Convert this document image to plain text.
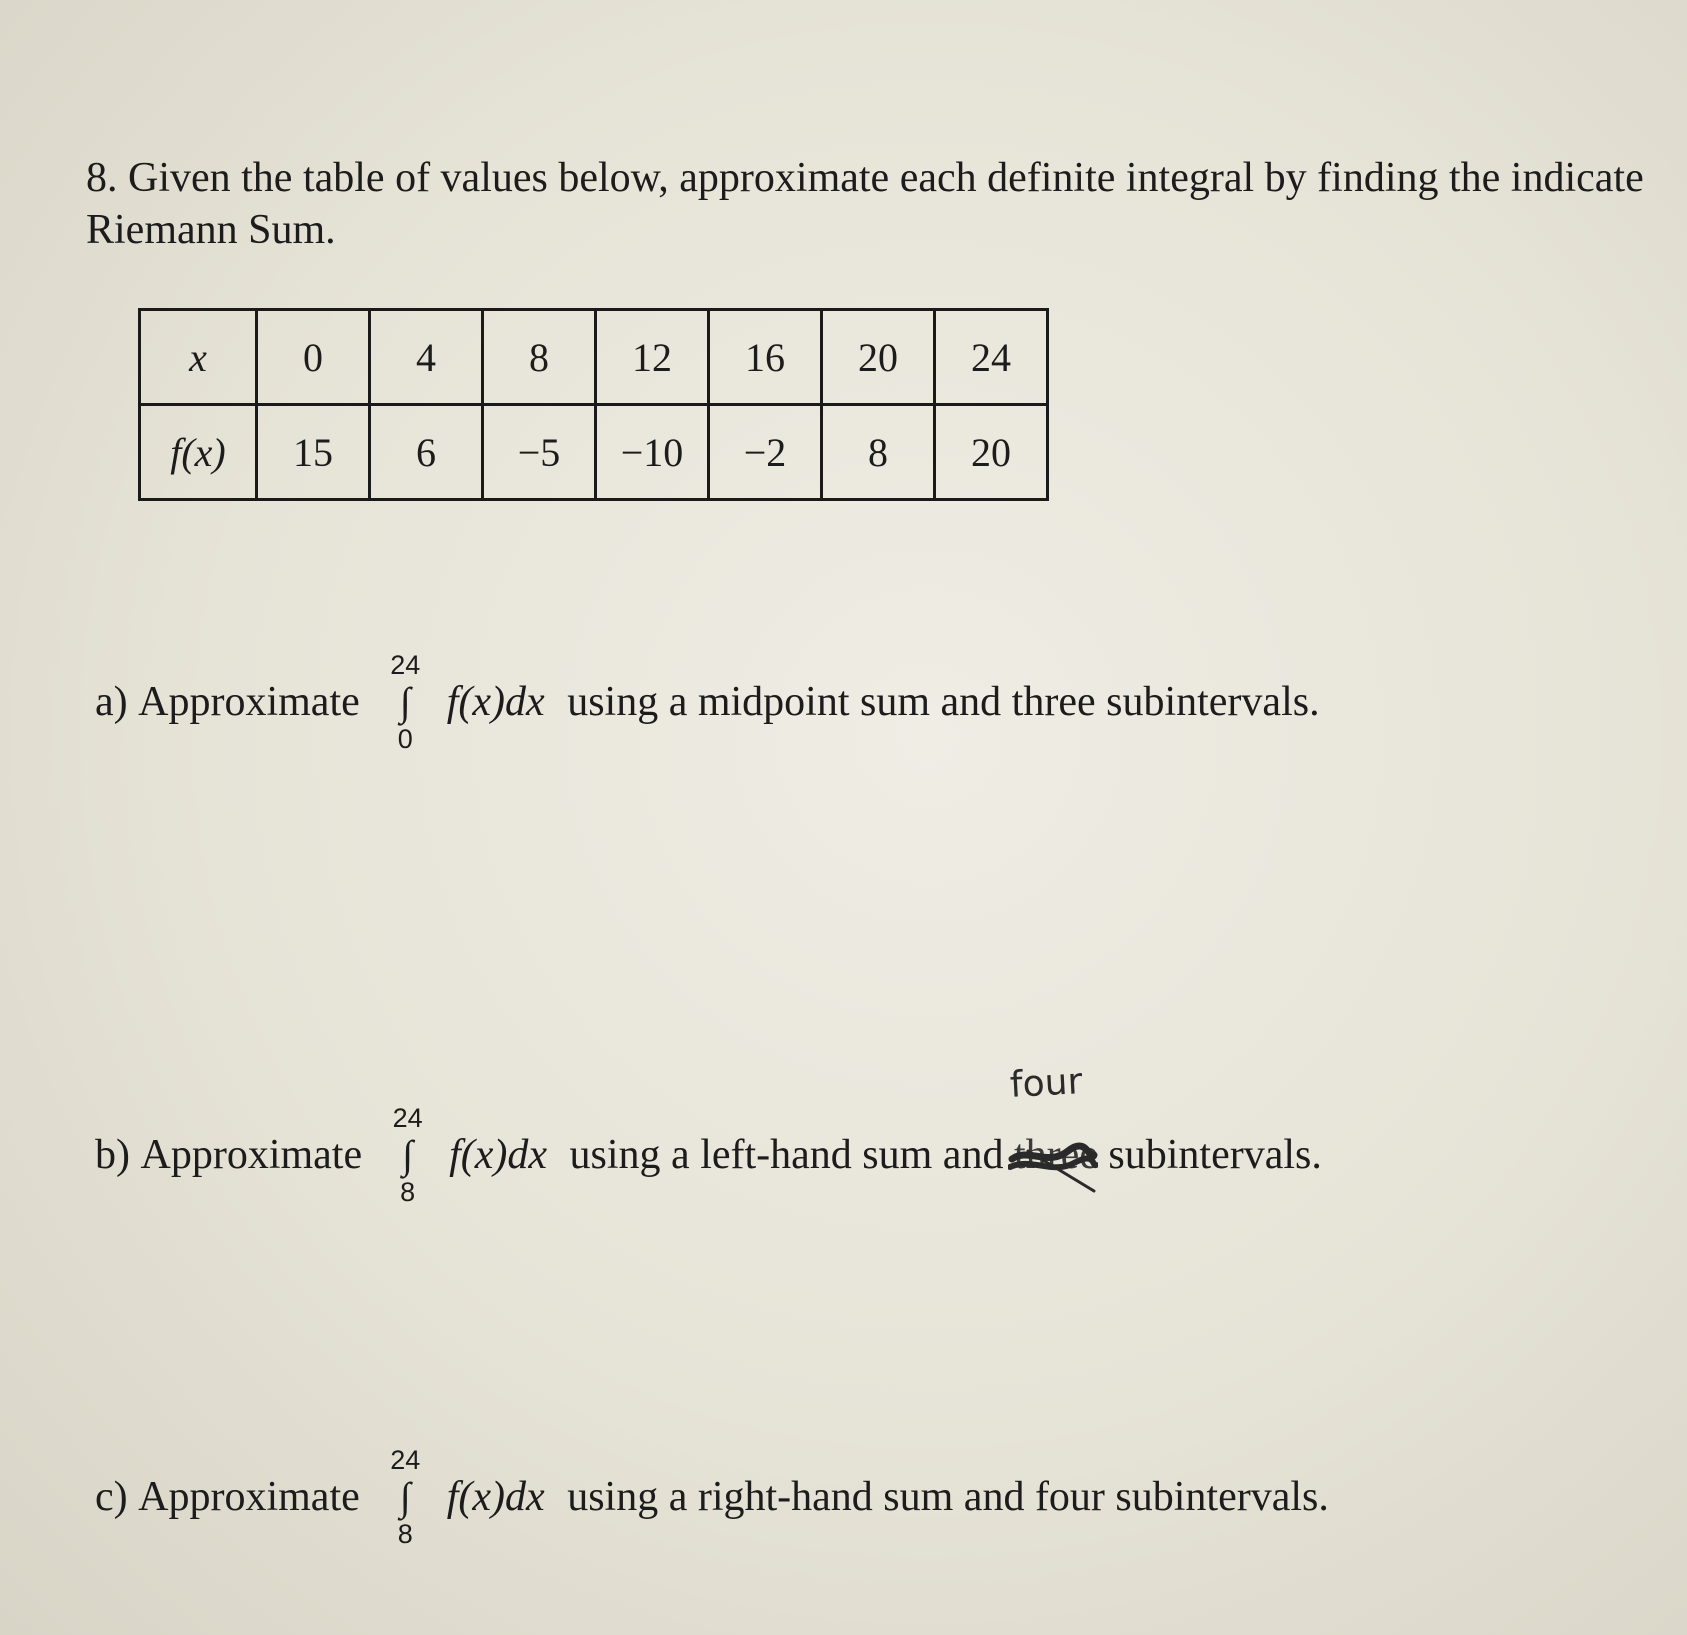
8. Given the table of values below, approximate each definite integral by finding the indicate
Riemann Sum.
x	0	4	8	12	16	20	24
f(x)	15	6	−5	−10	−2	8	20
a) Approximate
24
∫
0
f(x)dx using a midpoint sum and three subintervals.
b) Approximate
24
∫
8
f(x)dx using a left-hand sum and three
four
subintervals.
c) Approximate
24
∫
8
f(x)dx using a right-hand sum and four subintervals.
